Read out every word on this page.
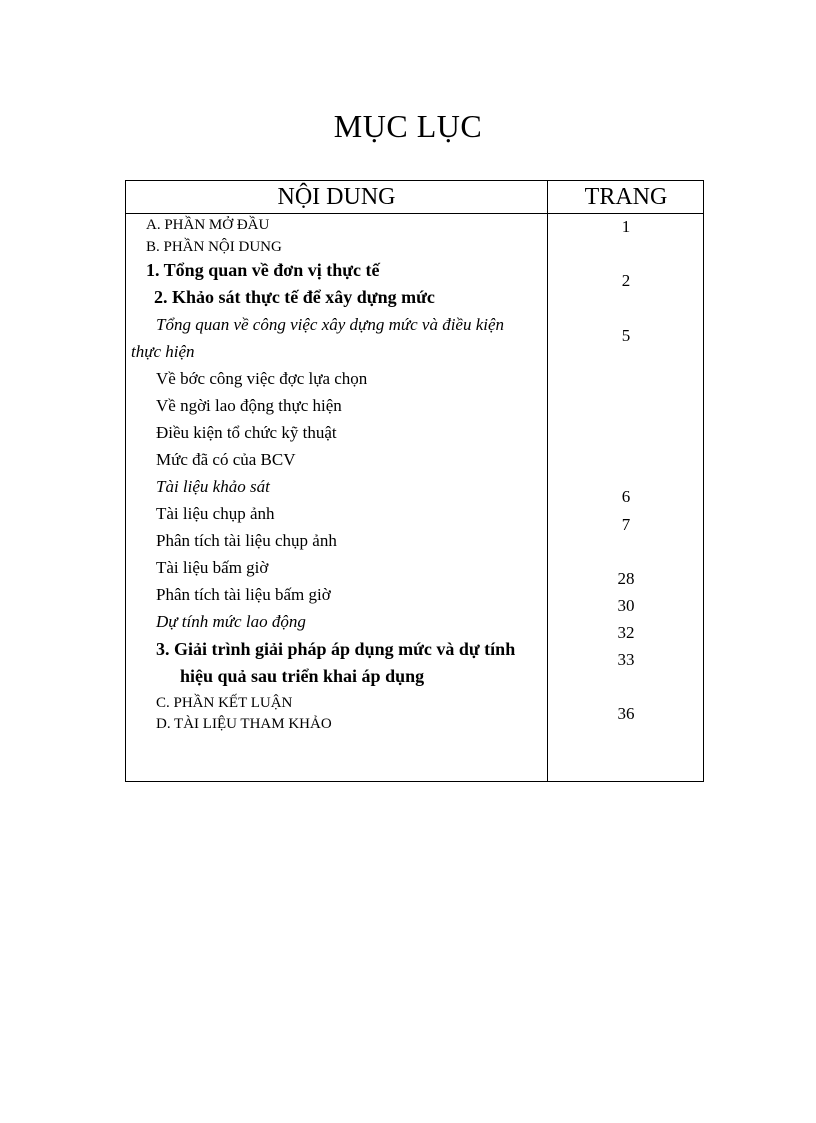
MỤC LỤC
NỘI DUNG	TRANG
A. PHẦN MỞ ĐẦU
B. PHẦN NỘI DUNG
1. Tổng quan về đơn vị thực tế
2. Khảo sát thực tế để xây dựng mức
Tổng quan về công việc xây dựng mức và điều kiện
thực hiện
Về bớc công việc đợc lựa chọn
Về ngời lao động thực hiện
Điều kiện tổ chức kỹ thuật
Mức đã có của BCV
Tài liệu khảo sát
Tài liệu chụp ảnh
Phân tích tài liệu chụp ảnh
Tài liệu bấm giờ
Phân tích tài liệu bấm giờ
Dự tính mức lao động
3. Giải trình giải pháp áp dụng mức và dự tính
hiệu quả sau triển khai áp dụng
C. PHẦN KẾT LUẬN
D. TÀI LIỆU THAM KHẢO
1
2
5
6
7
28
30
32
33
36
